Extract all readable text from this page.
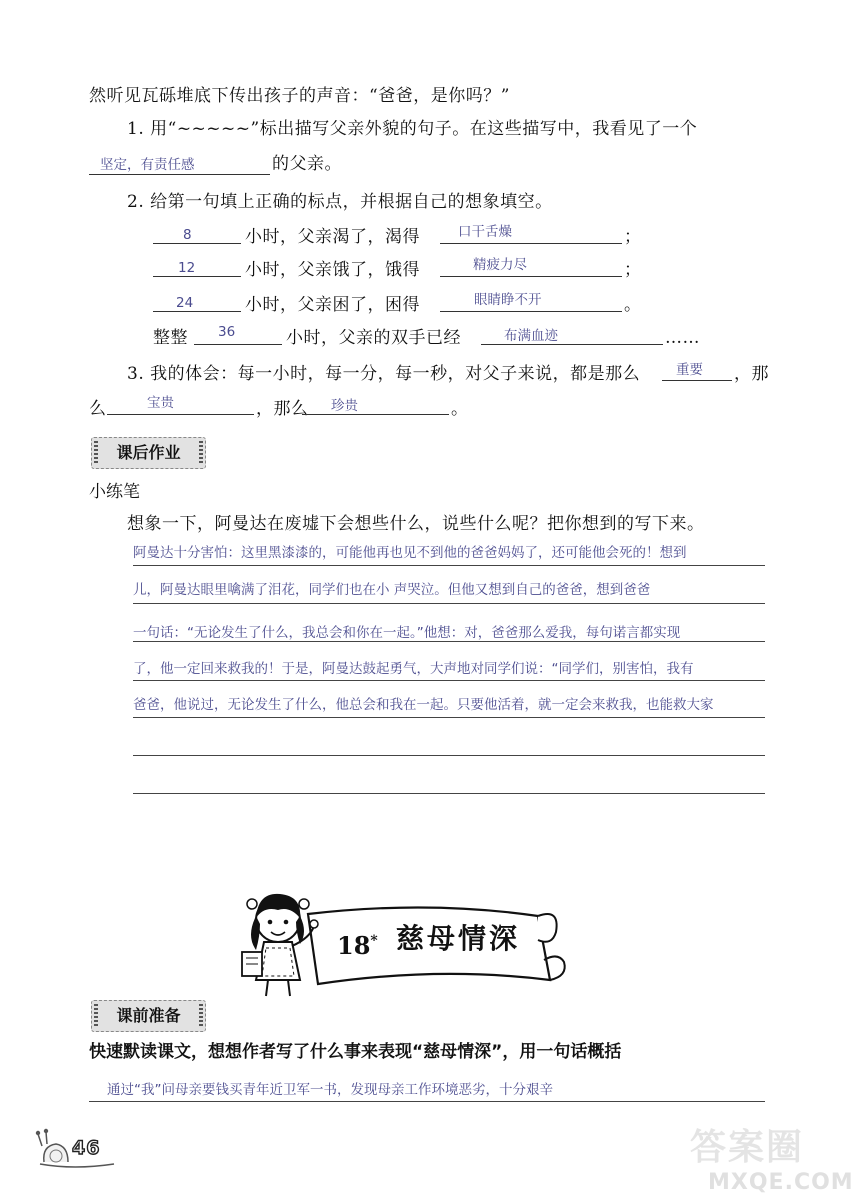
然听见瓦砾堆底下传出孩子的声音：“爸爸，是你吗？”
1. 用“~~~~~”标出描写父亲外貌的句子。在这些描写中，我看见了一个
坚定，有责任感	的父亲。
2. 给第一句填上正确的标点，并根据自己的想象填空。
8	小时，父亲渴了，渴得	口干舌燥	；
12	小时，父亲饿了，饿得	精疲力尽	；
24	小时，父亲困了，困得	眼睛睁不开	。
整整 36	小时，父亲的双手已经	布满血迹	……
3. 我的体会：每一小时，每一分，每一秒，对父子来说，都是那么	重要 ，那
么	宝贵	，那么 珍贵	。
课后作业
小练笔
想象一下，阿曼达在废墟下会想些什么，说些什么呢？把你想到的写下来。
阿曼达十分害怕：这里黑漆漆的，可能他再也见不到他的爸爸妈妈了，还可能他会死的！想到
儿，阿曼达眼里噙满了泪花，同学们也在小 声哭泣。但他又想到自己的爸爸，想到爸爸
一句话：“无论发生了什么，我总会和你在一起。”他想：对，爸爸那么爱我，每句诺言都实现
了，他一定回来救我的！于是，阿曼达鼓起勇气，大声地对同学们说：“同学们，别害怕，我有
爸爸，他说过，无论发生了什么，他总会和我在一起。只要他活着，就一定会来救我，也能救大家
18* 慈母情深
课前准备
快速默读课文，想想作者写了什么事来表现“慈母情深”，用一句话概括
通过“我”问母亲要钱买青年近卫军一书，发现母亲工作环境恶劣，十分艰辛
46	答案圈
MXQE.COM
